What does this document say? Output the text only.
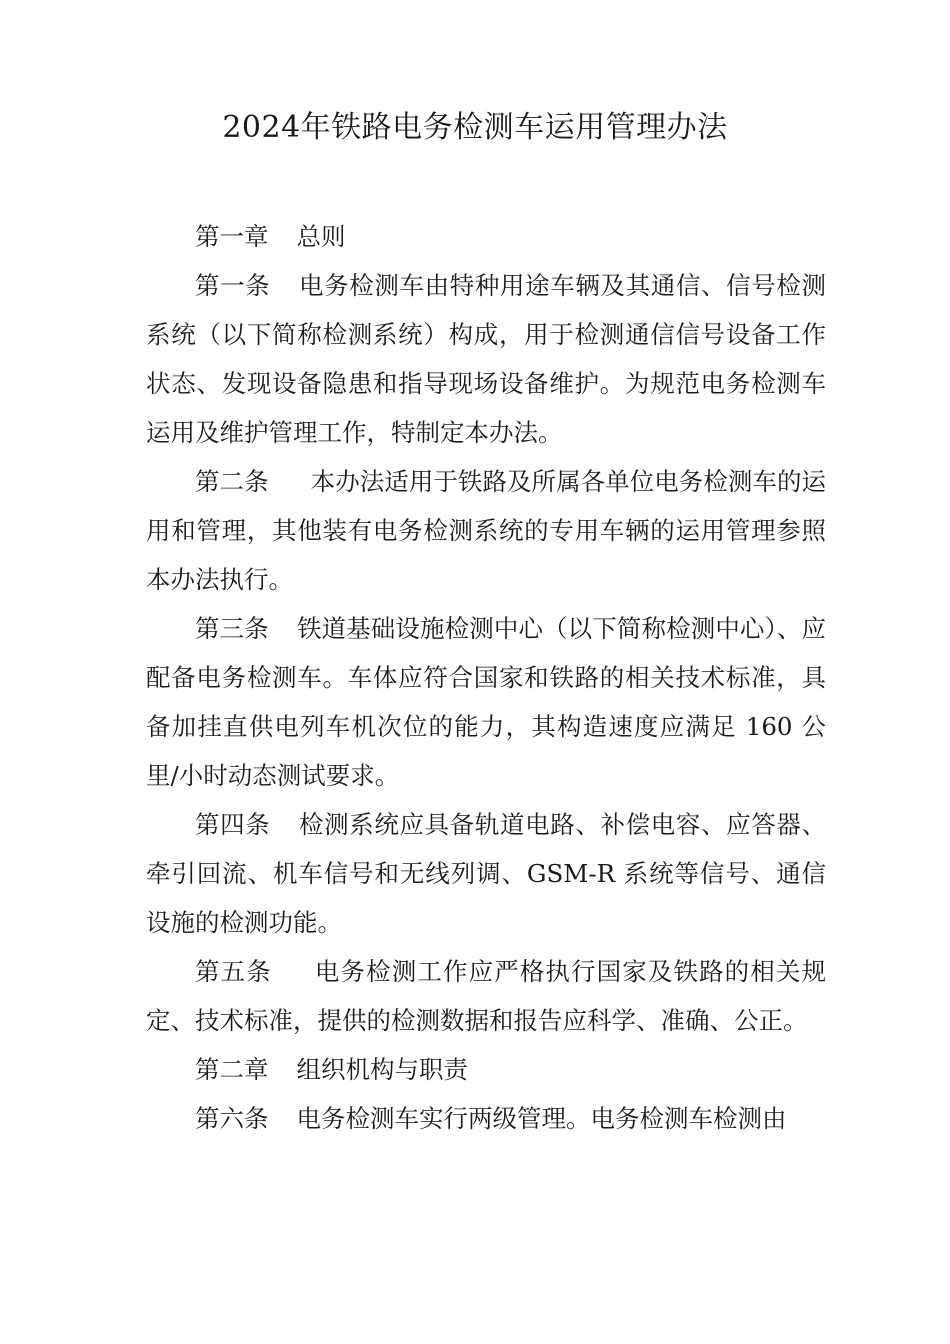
2024年铁路电务检测车运用管理办法

第一章 总则

第一条 电务检测车由特种用途车辆及其通信、信号检测系统（以下简称检测系统）构成，用于检测通信信号设备工作状态、发现设备隐患和指导现场设备维护。为规范电务检测车运用及维护管理工作，特制定本办法。

第二条 本办法适用于铁路及所属各单位电务检测车的运用和管理，其他装有电务检测系统的专用车辆的运用管理参照本办法执行。

第三条 铁道基础设施检测中心（以下简称检测中心）、应配备电务检测车。车体应符合国家和铁路的相关技术标准，具备加挂直供电列车机次位的能力，其构造速度应满足 160 公里/小时动态测试要求。

第四条 检测系统应具备轨道电路、补偿电容、应答器、牵引回流、机车信号和无线列调、GSM-R 系统等信号、通信设施的检测功能。

第五条 电务检测工作应严格执行国家及铁路的相关规定、技术标准，提供的检测数据和报告应科学、准确、公正。

第二章 组织机构与职责

第六条 电务检测车实行两级管理。电务检测车检测由
